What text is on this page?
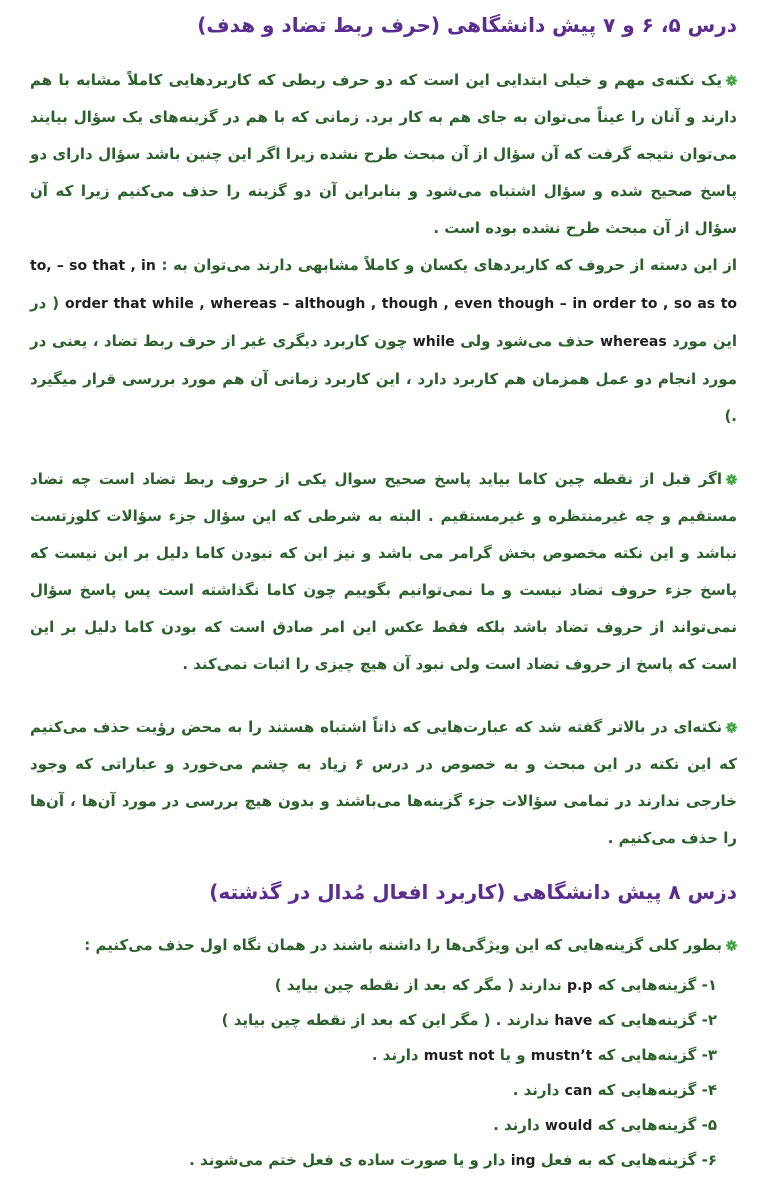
درس ۵، ۶ و ۷ پیش دانشگاهی (حرف ربط تضاد و هدف)
یک نکته‌ی مهم و خیلی ابتدایی این است که دو حرف ربطی که کاربردهایی کاملاً مشابه با هم دارند و آنان را عیناً می‌توان به جای هم به کار برد. زمانی که با هم در گزینه‌های یک سؤال بیایند می‌توان نتیجه گرفت که آن سؤال از آن مبحث طرح نشده زیرا اگر این چنین باشد سؤال دارای دو پاسخ صحیح شده و سؤال اشتباه می‌شود و بنابراین آن دو گزینه را حذف می‌کنیم زیرا که آن سؤال از آن مبحث طرح نشده بوده است .
از این دسته از حروف که کاربردهای یکسان و کاملاً مشابهی دارند می‌توان به : to, – so that , in order that while , whereas – although , though , even though – in order to , so as to ( در این مورد whereas حذف می‌شود ولی while چون کاربرد دیگری غیر از حرف ربط تضاد ، یعنی در مورد انجام دو عمل همزمان هم کاربرد دارد ، این کاربرد زمانی آن هم مورد بررسی قرار میگیرد .)
اگر قبل از نقطه چین کاما بیاید پاسخ صحیح سوال یکی از حروف ربط تضاد است چه تضاد مستقیم و چه غیرمنتظره و غیرمستقیم . البته به شرطی که این سؤال جزء سؤالات کلوزتست نباشد و این نکته مخصوص بخش گرامر می باشد و نیز این که نبودن کاما دلیل بر این نیست که پاسخ جزء حروف تضاد نیست و ما نمی‌توانیم بگوییم چون کاما نگذاشته است پس پاسخ سؤال نمی‌تواند از حروف تضاد باشد بلکه فقط عکس این امر صادق است که بودن کاما دلیل بر این است که پاسخ از حروف تضاد است ولی نبود آن هیچ چیزی را اثبات نمی‌کند .
نکته‌ای در بالاتر گفته شد که عبارت‌هایی که ذاتاً اشتباه هستند را به محض رؤیت حذف می‌کنیم که این نکته در این مبحث و به خصوص در درس ۶ زیاد به چشم می‌خورد و عباراتی که وجود خارجی ندارند در تمامی سؤالات جزء گزینه‌ها می‌باشند و بدون هیچ بررسی در مورد آن‌ها ، آن‌ها را حذف می‌کنیم .
دزس ۸ پیش دانشگاهی (کاربرد افعال مُدال در گذشته)
بطور کلی گزینه‌هایی که این ویژگی‌ها را داشته باشند در همان نگاه اول حذف می‌کنیم :
۱- گزینه‌هایی که p.p ندارند ( مگر که بعد از نقطه چین بیاید )
۲- گزینه‌هایی که have ندارند . ( مگر این که بعد از نقطه چین بیاید )
۳- گزینه‌هایی که mustn’t و یا must not دارند .
۴- گزینه‌هایی که can دارند .
۵- گزینه‌هایی که would دارند .
۶- گزینه‌هایی که به فعل ing دار و یا صورت ساده ی فعل ختم می‌شوند .
